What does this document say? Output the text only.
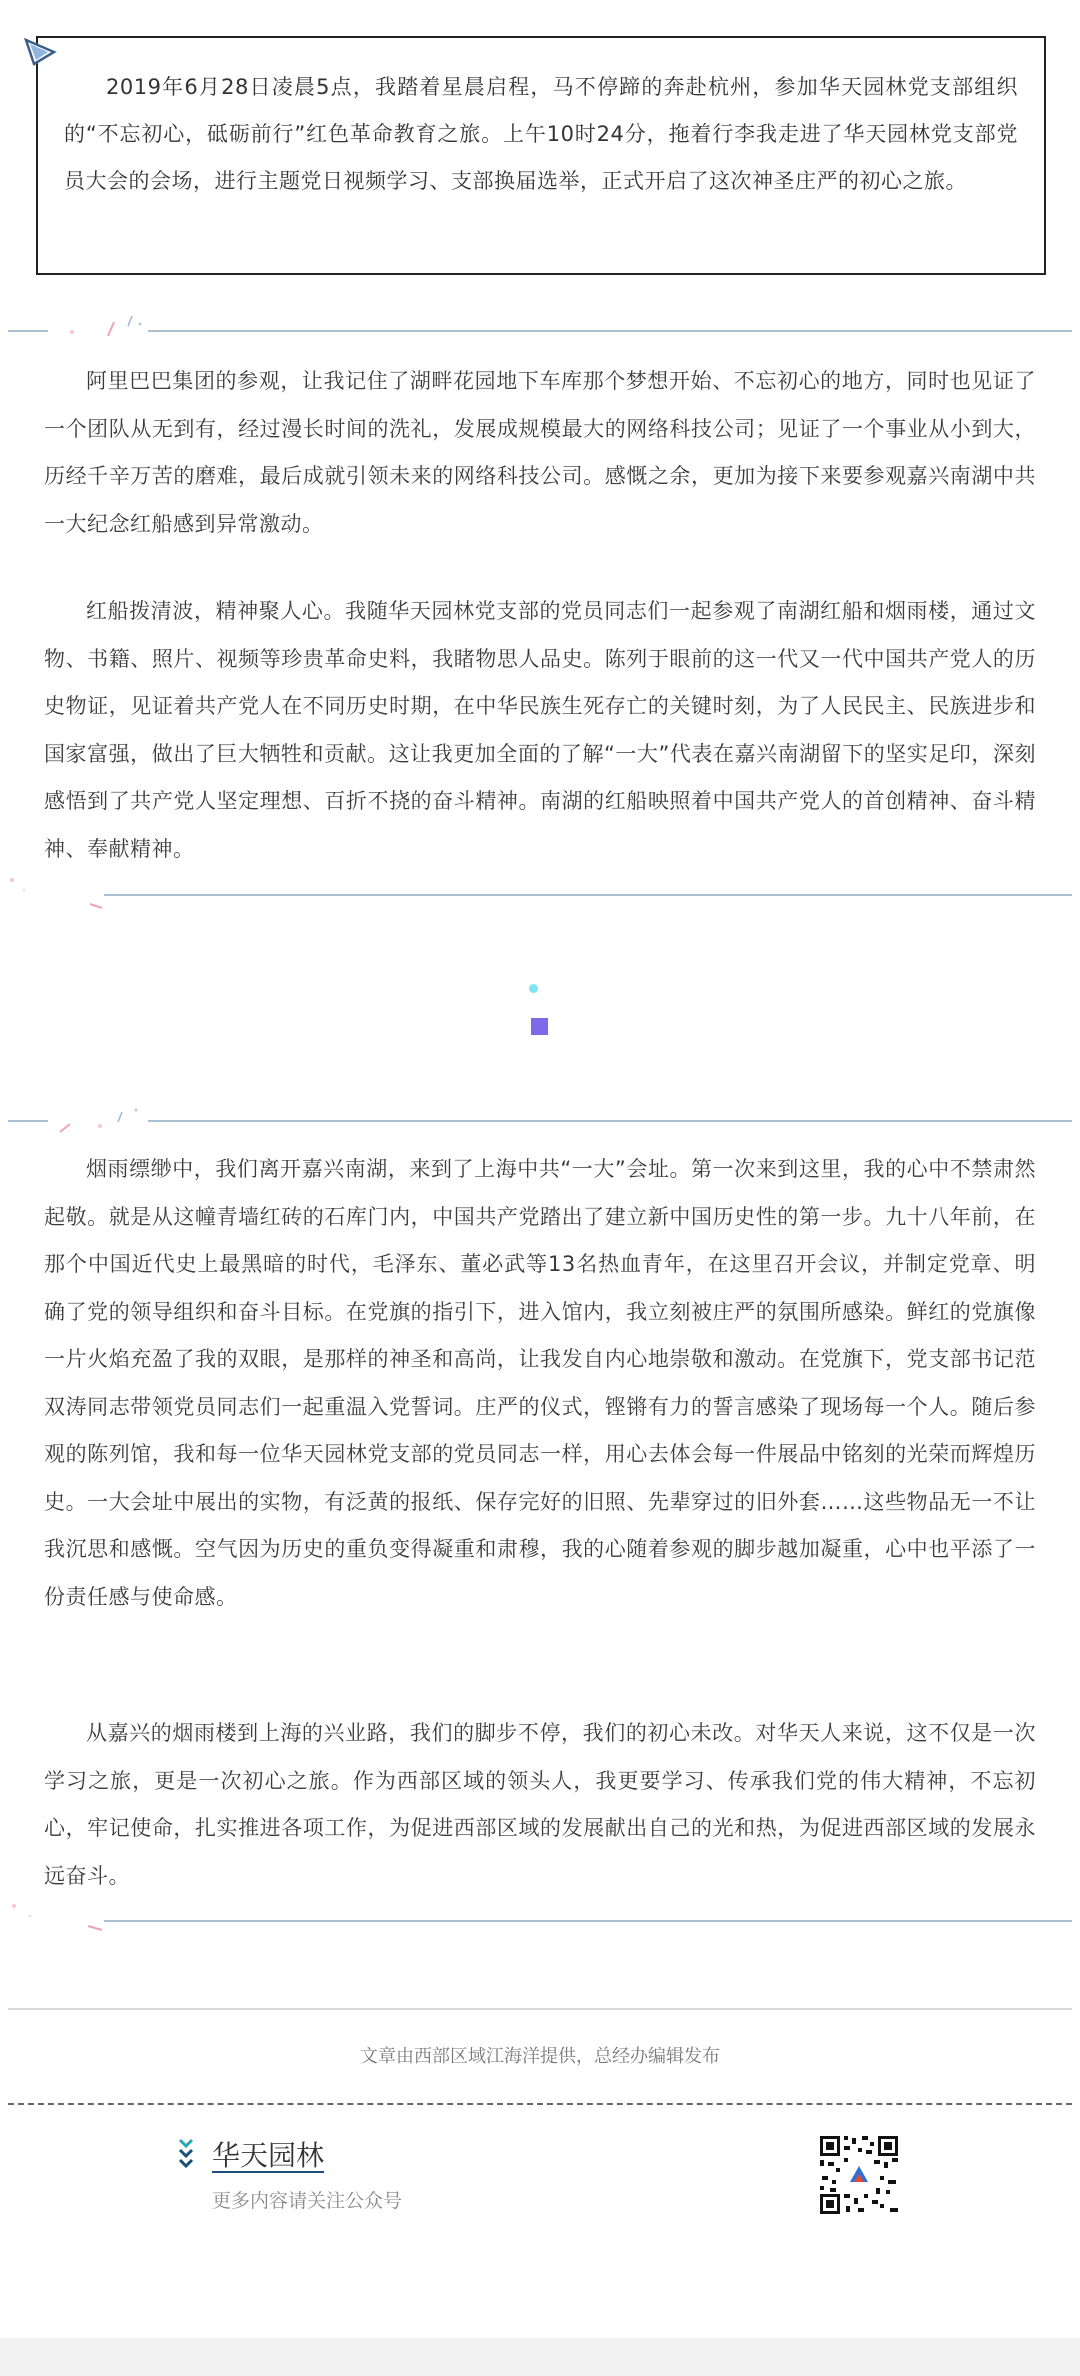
2019年6月28日凌晨5点，我踏着星晨启程，马不停蹄的奔赴杭州，参加华天园林党支部组织的“不忘初心，砥砺前行”红色革命教育之旅。上午10时24分，拖着行李我走进了华天园林党支部党员大会的会场，进行主题党日视频学习、支部换届选举，正式开启了这次神圣庄严的初心之旅。

阿里巴巴集团的参观，让我记住了湖畔花园地下车库那个梦想开始、不忘初心的地方，同时也见证了一个团队从无到有，经过漫长时间的洗礼，发展成规模最大的网络科技公司；见证了一个事业从小到大，历经千辛万苦的磨难，最后成就引领未来的网络科技公司。感慨之余，更加为接下来要参观嘉兴南湖中共一大纪念红船感到异常激动。

红船拨清波，精神聚人心。我随华天园林党支部的党员同志们一起参观了南湖红船和烟雨楼，通过文物、书籍、照片、视频等珍贵革命史料，我睹物思人品史。陈列于眼前的这一代又一代中国共产党人的历史物证，见证着共产党人在不同历史时期，在中华民族生死存亡的关键时刻，为了人民民主、民族进步和国家富强，做出了巨大牺牲和贡献。这让我更加全面的了解“一大”代表在嘉兴南湖留下的坚实足印，深刻感悟到了共产党人坚定理想、百折不挠的奋斗精神。南湖的红船映照着中国共产党人的首创精神、奋斗精神、奉献精神。

烟雨缥缈中，我们离开嘉兴南湖，来到了上海中共“一大”会址。第一次来到这里，我的心中不禁肃然起敬。就是从这幢青墙红砖的石库门内，中国共产党踏出了建立新中国历史性的第一步。九十八年前，在那个中国近代史上最黑暗的时代，毛泽东、董必武等13名热血青年，在这里召开会议，并制定党章、明确了党的领导组织和奋斗目标。在党旗的指引下，进入馆内，我立刻被庄严的氛围所感染。鲜红的党旗像一片火焰充盈了我的双眼，是那样的神圣和高尚，让我发自内心地崇敬和激动。在党旗下，党支部书记范双涛同志带领党员同志们一起重温入党誓词。庄严的仪式，铿锵有力的誓言感染了现场每一个人。随后参观的陈列馆，我和每一位华天园林党支部的党员同志一样，用心去体会每一件展品中铭刻的光荣而辉煌历史。一大会址中展出的实物，有泛黄的报纸、保存完好的旧照、先辈穿过的旧外套……这些物品无一不让我沉思和感慨。空气因为历史的重负变得凝重和肃穆，我的心随着参观的脚步越加凝重，心中也平添了一份责任感与使命感。

从嘉兴的烟雨楼到上海的兴业路，我们的脚步不停，我们的初心未改。对华天人来说，这不仅是一次学习之旅，更是一次初心之旅。作为西部区域的领头人，我更要学习、传承我们党的伟大精神，不忘初心，牢记使命，扎实推进各项工作，为促进西部区域的发展献出自己的光和热，为促进西部区域的发展永远奋斗。

文章由西部区域江海洋提供，总经办编辑发布

华天园林
更多内容请关注公众号
